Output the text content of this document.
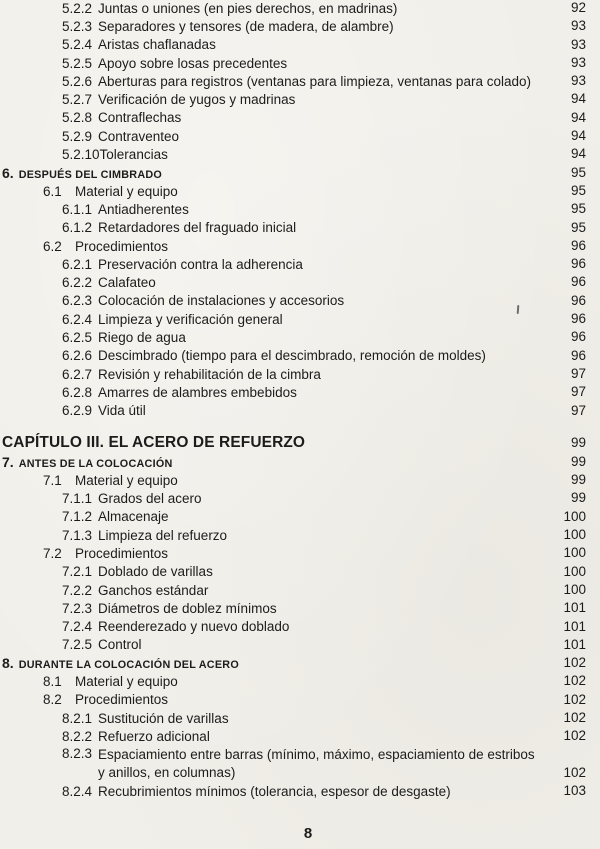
5.2.2 Juntas o uniones (en pies derechos, en madrinas)	92
5.2.3 Separadores y tensores (de madera, de alambre)	93
5.2.4 Aristas chaflanadas	93
5.2.5 Apoyo sobre losas precedentes	93
5.2.6 Aberturas para registros (ventanas para limpieza, ventanas para colado)	93
5.2.7 Verificación de yugos y madrinas	94
5.2.8 Contraflechas	94
5.2.9 Contraventeo	94
5.2.10 Tolerancias	94
6. DESPUÉS DEL CIMBRADO	95
6.1 Material y equipo	95
6.1.1 Antiadherentes	95
6.1.2 Retardadores del fraguado inicial	95
6.2 Procedimientos	96
6.2.1 Preservación contra la adherencia	96
6.2.2 Calafateo	96
6.2.3 Colocación de instalaciones y accesorios	96
6.2.4 Limpieza y verificación general	96
6.2.5 Riego de agua	96
6.2.6 Descimbrado (tiempo para el descimbrado, remoción de moldes)	96
6.2.7 Revisión y rehabilitación de la cimbra	97
6.2.8 Amarres de alambres embebidos	97
6.2.9 Vida útil	97
CAPÍTULO III. EL ACERO DE REFUERZO	99
7. ANTES DE LA COLOCACIÓN	99
7.1 Material y equipo	99
7.1.1 Grados del acero	99
7.1.2 Almacenaje	100
7.1.3 Limpieza del refuerzo	100
7.2 Procedimientos	100
7.2.1 Doblado de varillas	100
7.2.2 Ganchos estándar	100
7.2.3 Diámetros de doblez mínimos	101
7.2.4 Reenderezado y nuevo doblado	101
7.2.5 Control	101
8. DURANTE LA COLOCACIÓN DEL ACERO	102
8.1 Material y equipo	102
8.2 Procedimientos	102
8.2.1 Sustitución de varillas	102
8.2.2 Refuerzo adicional	102
8.2.3 Espaciamiento entre barras (mínimo, máximo, espaciamiento de estribos
y anillos, en columnas)	102
8.2.4 Recubrimientos mínimos (tolerancia, espesor de desgaste)	103
8
